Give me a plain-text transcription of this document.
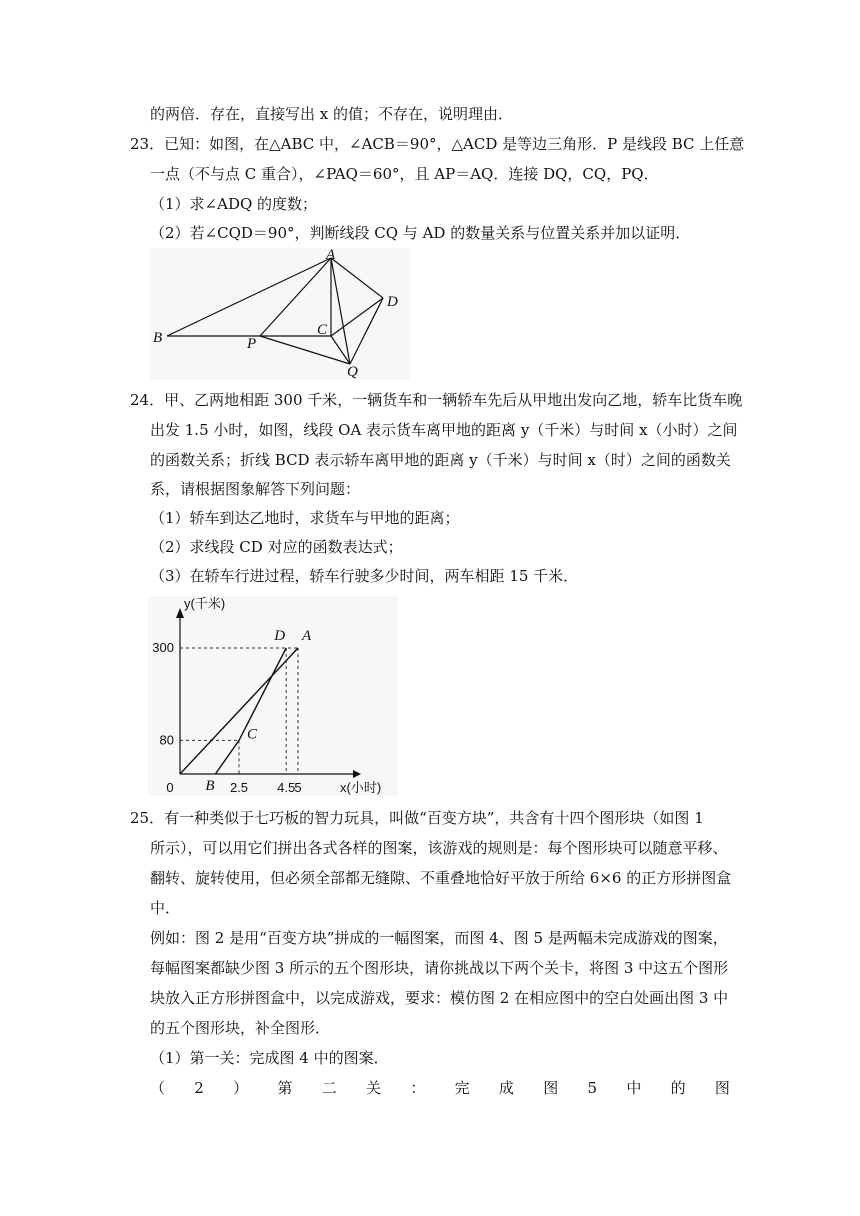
的两倍．存在，直接写出 x 的值；不存在，说明理由．
23．已知：如图，在△ABC 中，∠ACB＝90°，△ACD 是等边三角形．P 是线段 BC 上任意
一点（不与点 C 重合），∠PAQ＝60°，且 AP＝AQ．连接 DQ，CQ，PQ．
（1）求∠ADQ 的度数；
（2）若∠CQD＝90°，判断线段 CQ 与 AD 的数量关系与位置关系并加以证明．
A
B	C
D
P
Q
24．甲、乙两地相距 300 千米，一辆货车和一辆轿车先后从甲地出发向乙地，轿车比货车晚
出发 1.5 小时，如图，线段 OA 表示货车离甲地的距离 y（千米）与时间 x（小时）之间
的函数关系；折线 BCD 表示轿车离甲地的距离 y（千米）与时间 x（时）之间的函数关
系，请根据图象解答下列问题：
（1）轿车到达乙地时，求货车与甲地的距离；
（2）求线段 CD 对应的函数表达式；
（3）在轿车行进过程，轿车行驶多少时间，两车相距 15 千米．
A
B
C
D
2.5 4.5 5
80
300
0
y(千米)
x(小时)
25．有一种类似于七巧板的智力玩具，叫做“百变方块”，共含有十四个图形块（如图 1
所示），可以用它们拼出各式各样的图案，该游戏的规则是：每个图形块可以随意平移、
翻转、旋转使用，但必须全部都无缝隙、不重叠地恰好平放于所给 6×6 的正方形拼图盒
中．
例如：图 2 是用“百变方块”拼成的一幅图案，而图 4、图 5 是两幅未完成游戏的图案，
每幅图案都缺少图 3 所示的五个图形块，请你挑战以下两个关卡，将图 3 中这五个图形
块放入正方形拼图盒中，以完成游戏，要求：模仿图 2 在相应图中的空白处画出图 3 中
的五个图形块，补全图形．
（1）第一关：完成图 4 中的图案．
（ 2 ） 第 二 关 ： 完 成 图 5 中 的 图
